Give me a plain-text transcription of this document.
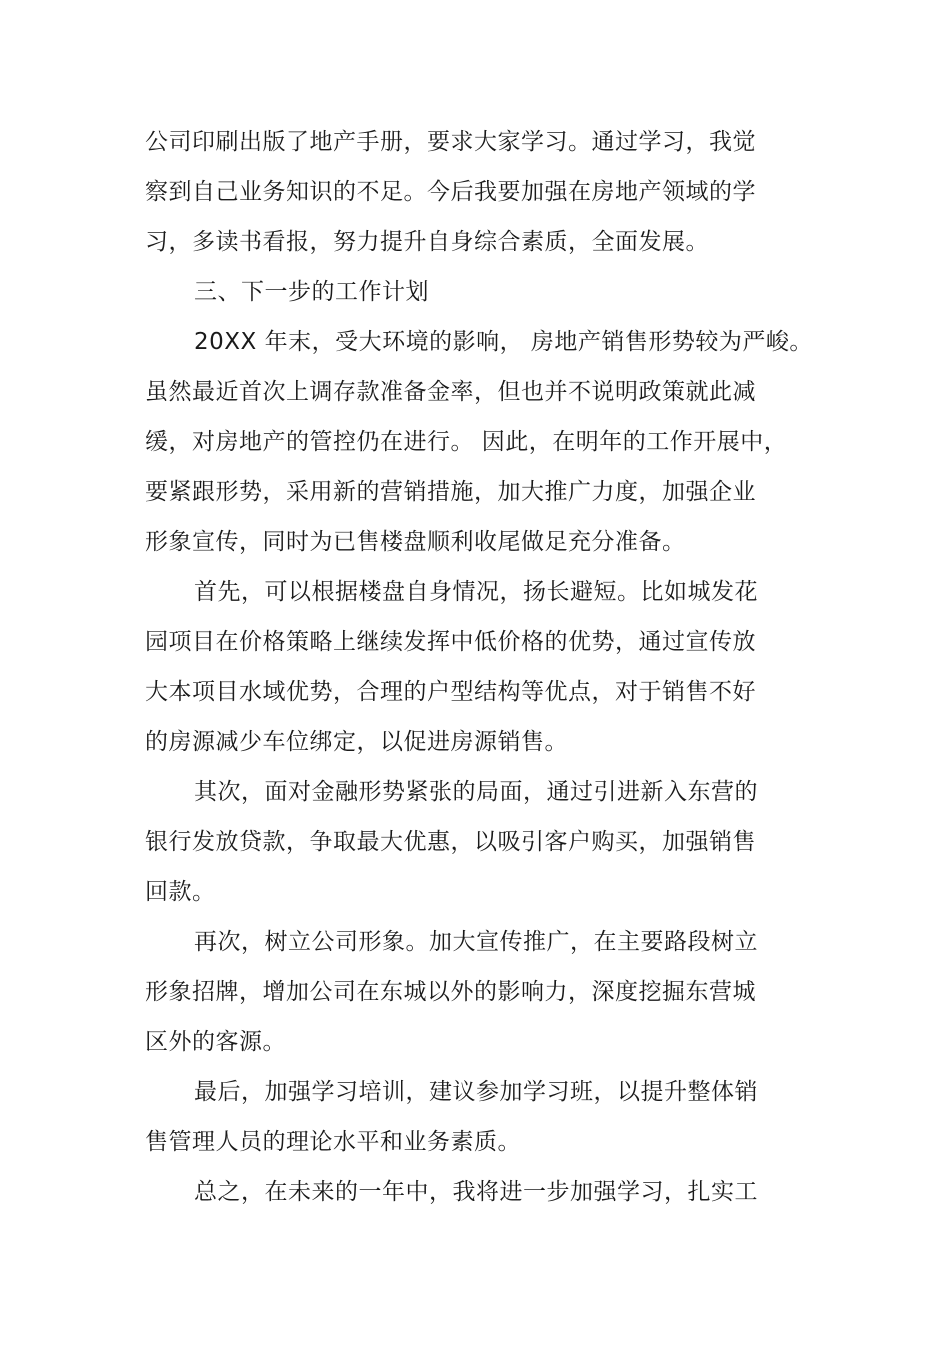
公司印刷出版了地产手册，要求大家学习。通过学习，我觉
察到自己业务知识的不足。今后我要加强在房地产领域的学
习，多读书看报，努力提升自身综合素质，全面发展。
三、下一步的工作计划
20XX 年末，受大环境的影响， 房地产销售形势较为严峻。
虽然最近首次上调存款准备金率，但也并不说明政策就此减
缓，对房地产的管控仍在进行。 因此，在明年的工作开展中，
要紧跟形势，采用新的营销措施，加大推广力度，加强企业
形象宣传，同时为已售楼盘顺利收尾做足充分准备。
首先，可以根据楼盘自身情况，扬长避短。比如城发花
园项目在价格策略上继续发挥中低价格的优势，通过宣传放
大本项目水域优势，合理的户型结构等优点，对于销售不好
的房源减少车位绑定，以促进房源销售。
其次，面对金融形势紧张的局面，通过引进新入东营的
银行发放贷款，争取最大优惠，以吸引客户购买，加强销售
回款。
再次，树立公司形象。加大宣传推广，在主要路段树立
形象招牌，增加公司在东城以外的影响力，深度挖掘东营城
区外的客源。
最后，加强学习培训，建议参加学习班，以提升整体销
售管理人员的理论水平和业务素质。
总之，在未来的一年中，我将进一步加强学习，扎实工
